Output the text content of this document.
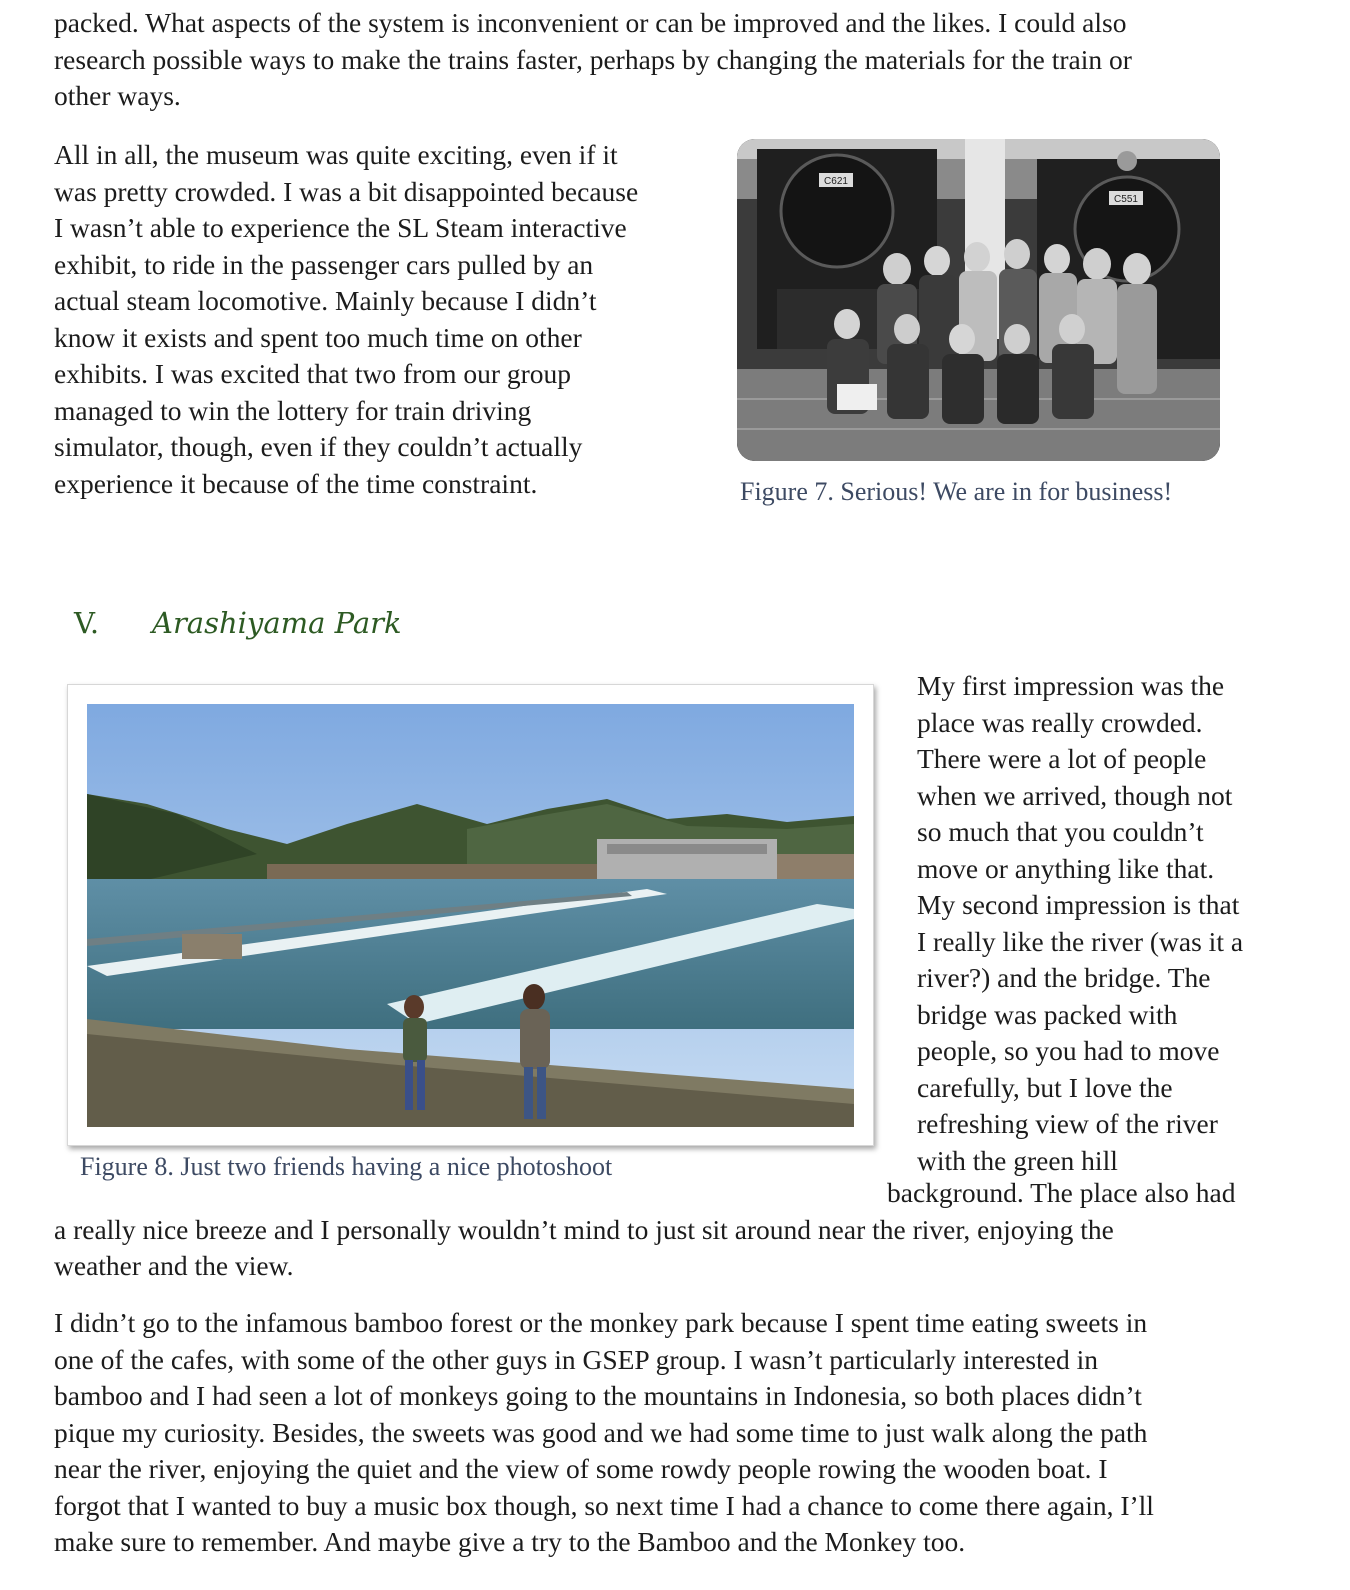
packed. What aspects of the system is inconvenient or can be improved and the likes. I could also
research possible ways to make the trains faster, perhaps by changing the materials for the train or
other ways.

All in all, the museum was quite exciting, even if it
was pretty crowded. I was a bit disappointed because
I wasn’t able to experience the SL Steam interactive
exhibit, to ride in the passenger cars pulled by an
actual steam locomotive. Mainly because I didn’t
know it exists and spent too much time on other
exhibits. I was excited that two from our group
managed to win the lottery for train driving
simulator, though, even if they couldn’t actually
experience it because of the time constraint.

C621
C551

Figure 7. Serious! We are in for business!

V. Arashiyama Park

Figure 8. Just two friends having a nice photoshoot

My first impression was the
place was really crowded.
There were a lot of people
when we arrived, though not
so much that you couldn’t
move or anything like that.
My second impression is that
I really like the river (was it a
river?) and the bridge. The
bridge was packed with
people, so you had to move
carefully, but I love the
refreshing view of the river
with the green hill

background. The place also had
a really nice breeze and I personally wouldn’t mind to just sit around near the river, enjoying the
weather and the view.

I didn’t go to the infamous bamboo forest or the monkey park because I spent time eating sweets in
one of the cafes, with some of the other guys in GSEP group. I wasn’t particularly interested in
bamboo and I had seen a lot of monkeys going to the mountains in Indonesia, so both places didn’t
pique my curiosity. Besides, the sweets was good and we had some time to just walk along the path
near the river, enjoying the quiet and the view of some rowdy people rowing the wooden boat. I
forgot that I wanted to buy a music box though, so next time I had a chance to come there again, I’ll
make sure to remember. And maybe give a try to the Bamboo and the Monkey too.
